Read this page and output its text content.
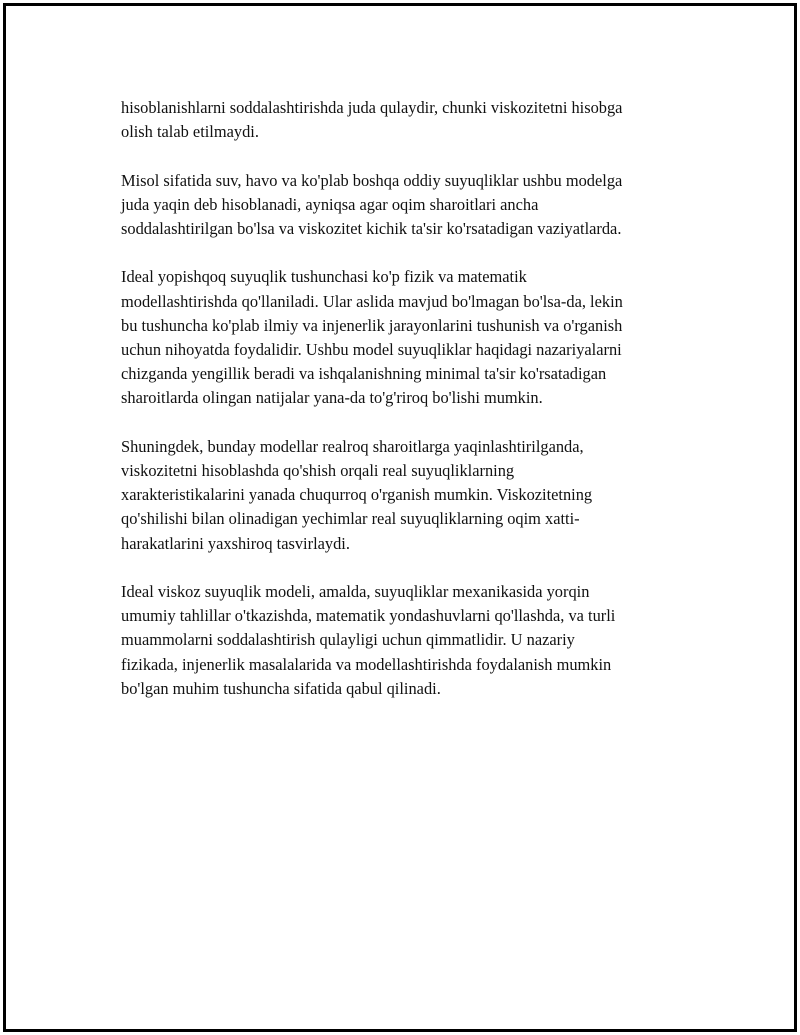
hisoblanishlarni soddalashtirishda juda qulaydir, chunki viskozitetni hisobga
olish talab etilmaydi.

Misol sifatida suv, havo va ko'plab boshqa oddiy suyuqliklar ushbu modelga
juda yaqin deb hisoblanadi, ayniqsa agar oqim sharoitlari ancha
soddalashtirilgan bo'lsa va viskozitet kichik ta'sir ko'rsatadigan vaziyatlarda.

Ideal yopishqoq suyuqlik tushunchasi ko'p fizik va matematik
modellashtirishda qo'llaniladi. Ular aslida mavjud bo'lmagan bo'lsa-da, lekin
bu tushuncha ko'plab ilmiy va injenerlik jarayonlarini tushunish va o'rganish
uchun nihoyatda foydalidir. Ushbu model suyuqliklar haqidagi nazariyalarni
chizganda yengillik beradi va ishqalanishning minimal ta'sir ko'rsatadigan
sharoitlarda olingan natijalar yana-da to'g'riroq bo'lishi mumkin.

Shuningdek, bunday modellar realroq sharoitlarga yaqinlashtirilganda,
viskozitetni hisoblashda qo'shish orqali real suyuqliklarning
xarakteristikalarini yanada chuqurroq o'rganish mumkin. Viskozitetning
qo'shilishi bilan olinadigan yechimlar real suyuqliklarning oqim xatti-
harakatlarini yaxshiroq tasvirlaydi.

Ideal viskoz suyuqlik modeli, amalda, suyuqliklar mexanikasida yorqin
umumiy tahlillar o'tkazishda, matematik yondashuvlarni qo'llashda, va turli
muammolarni soddalashtirish qulayligi uchun qimmatlidir. U nazariy
fizikada, injenerlik masalalarida va modellashtirishda foydalanish mumkin
bo'lgan muhim tushuncha sifatida qabul qilinadi.
